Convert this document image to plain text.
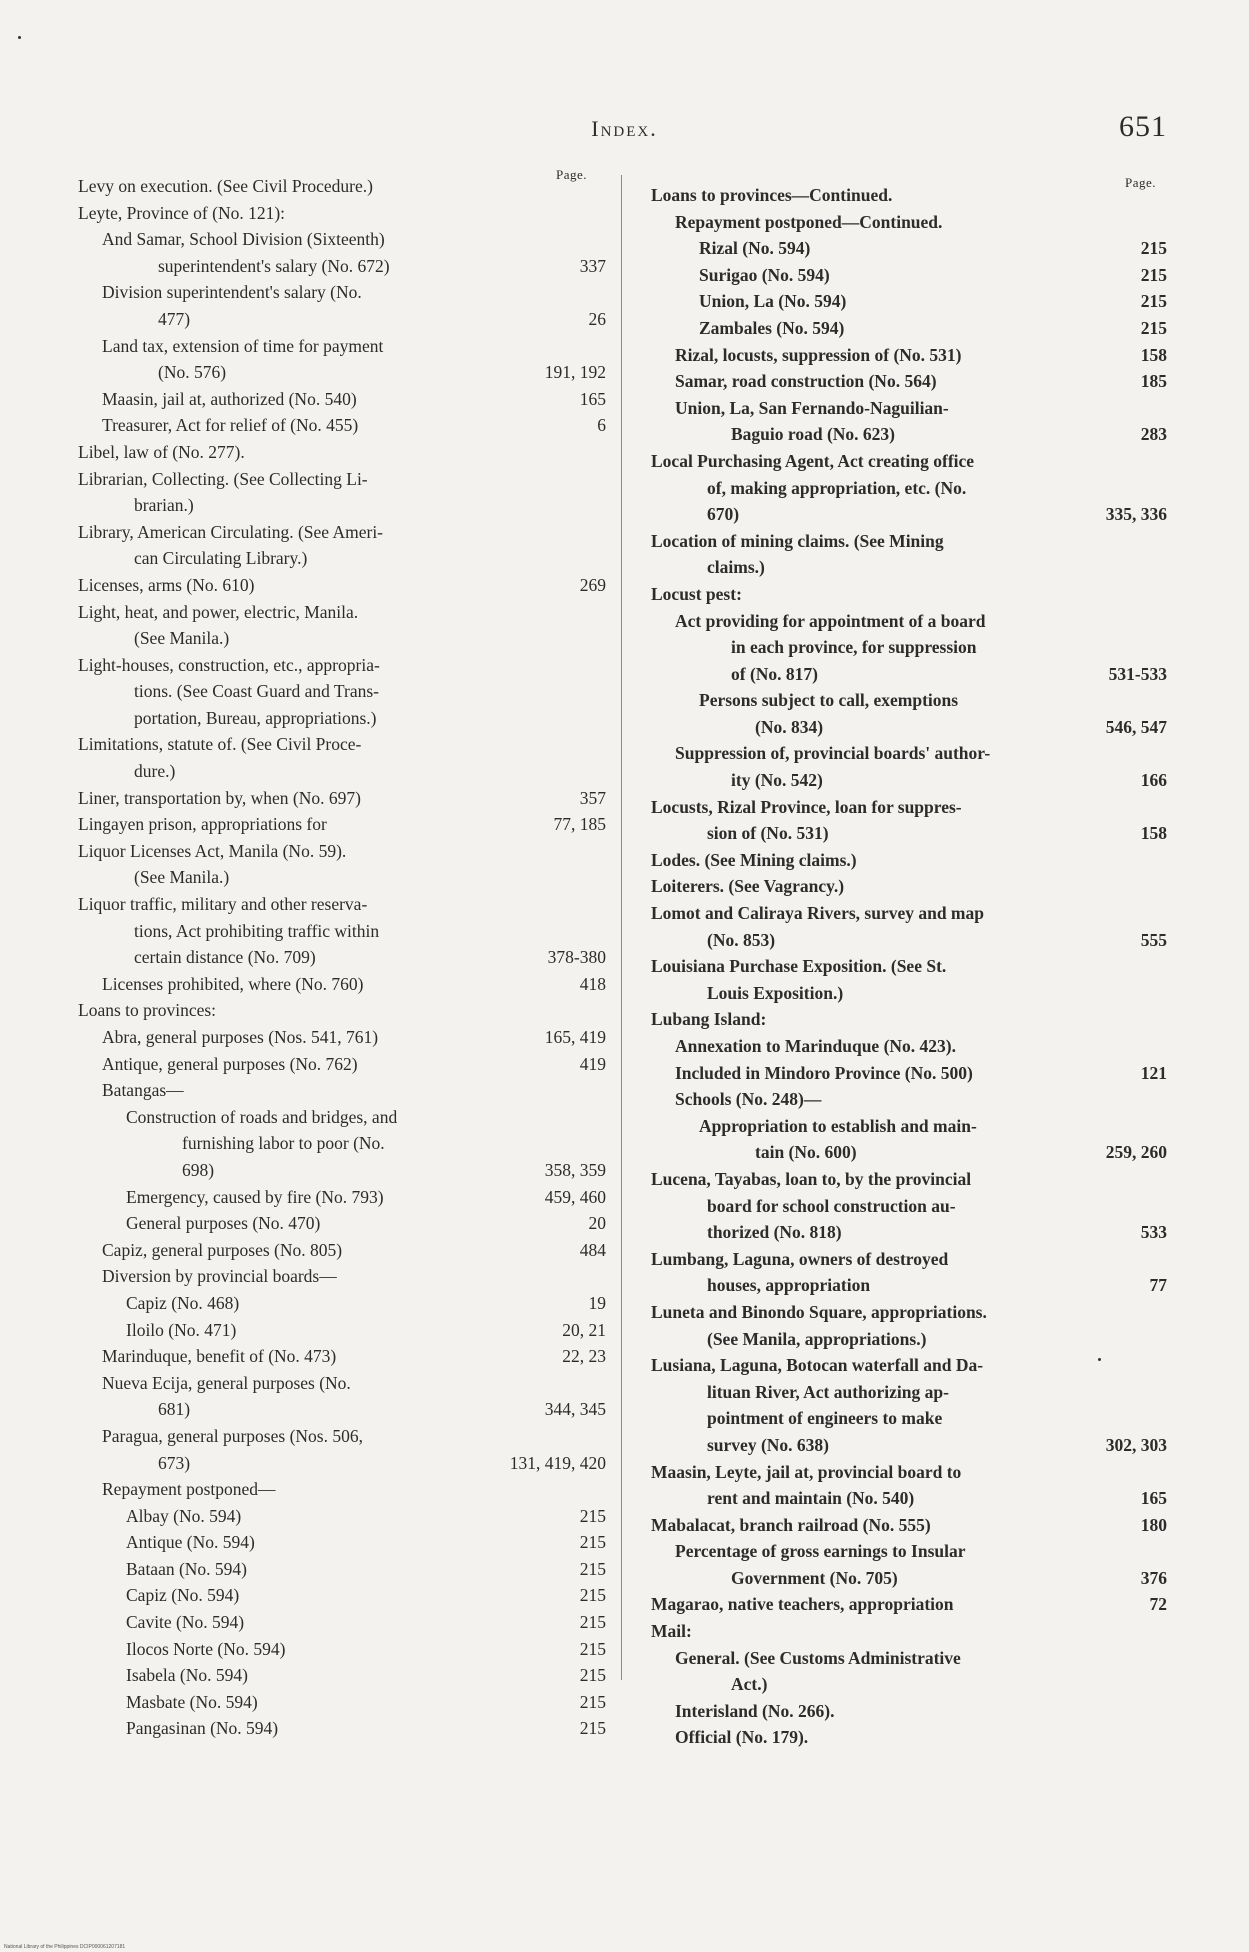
Index.	651
Page.
Page.
Levy on execution. (See Civil Procedure.)
Leyte, Province of (No. 121):
And Samar, School Division (Sixteenth)
superintendent's salary (No. 672)	337
Division superintendent's salary (No.
477)	26
Land tax, extension of time for payment
(No. 576)	191, 192
Maasin, jail at, authorized (No. 540)	165
Treasurer, Act for relief of (No. 455)	6
Libel, law of (No. 277).
Librarian, Collecting. (See Collecting Li-
brarian.)
Library, American Circulating. (See Ameri-
can Circulating Library.)
Licenses, arms (No. 610)	269
Light, heat, and power, electric, Manila.
(See Manila.)
Light-houses, construction, etc., appropria-
tions. (See Coast Guard and Trans-
portation, Bureau, appropriations.)
Limitations, statute of. (See Civil Proce-
dure.)
Liner, transportation by, when (No. 697)	357
Lingayen prison, appropriations for	77, 185
Liquor Licenses Act, Manila (No. 59).
(See Manila.)
Liquor traffic, military and other reserva-
tions, Act prohibiting traffic within
certain distance (No. 709)	378-380
Licenses prohibited, where (No. 760)	418
Loans to provinces:
Abra, general purposes (Nos. 541, 761)	165, 419
Antique, general purposes (No. 762)	419
Batangas—
Construction of roads and bridges, and
furnishing labor to poor (No.
698)	358, 359
Emergency, caused by fire (No. 793)	459, 460
General purposes (No. 470)	20
Capiz, general purposes (No. 805)	484
Diversion by provincial boards—
Capiz (No. 468)	19
Iloilo (No. 471)	20, 21
Marinduque, benefit of (No. 473)	22, 23
Nueva Ecija, general purposes (No.
681)	344, 345
Paragua, general purposes (Nos. 506,
673)	131, 419, 420
Repayment postponed—
Albay (No. 594)	215
Antique (No. 594)	215
Bataan (No. 594)	215
Capiz (No. 594)	215
Cavite (No. 594)	215
Ilocos Norte (No. 594)	215
Isabela (No. 594)	215
Masbate (No. 594)	215
Pangasinan (No. 594)	215
Loans to provinces—Continued.
Repayment postponed—Continued.
Rizal (No. 594)	215
Surigao (No. 594)	215
Union, La (No. 594)	215
Zambales (No. 594)	215
Rizal, locusts, suppression of (No. 531)	158
Samar, road construction (No. 564)	185
Union, La, San Fernando-Naguilian-
Baguio road (No. 623)	283
Local Purchasing Agent, Act creating office
of, making appropriation, etc. (No.
670)	335, 336
Location of mining claims. (See Mining
claims.)
Locust pest:
Act providing for appointment of a board
in each province, for suppression
of (No. 817)	531-533
Persons subject to call, exemptions
(No. 834)	546, 547
Suppression of, provincial boards' author-
ity (No. 542)	166
Locusts, Rizal Province, loan for suppres-
sion of (No. 531)	158
Lodes. (See Mining claims.)
Loiterers. (See Vagrancy.)
Lomot and Caliraya Rivers, survey and map
(No. 853)	555
Louisiana Purchase Exposition. (See St.
Louis Exposition.)
Lubang Island:
Annexation to Marinduque (No. 423).
Included in Mindoro Province (No. 500)	121
Schools (No. 248)—
Appropriation to establish and main-
tain (No. 600)	259, 260
Lucena, Tayabas, loan to, by the provincial
board for school construction au-
thorized (No. 818)	533
Lumbang, Laguna, owners of destroyed
houses, appropriation	77
Luneta and Binondo Square, appropriations.
(See Manila, appropriations.)
Lusiana, Laguna, Botocan waterfall and Da-
lituan River, Act authorizing ap-
pointment of engineers to make
survey (No. 638)	302, 303
Maasin, Leyte, jail at, provincial board to
rent and maintain (No. 540)	165
Mabalacat, branch railroad (No. 555)	180
Percentage of gross earnings to Insular
Government (No. 705)	376
Magarao, native teachers, appropriation	72
Mail:
General. (See Customs Administrative
Act.)
Interisland (No. 266).
Official (No. 179).
National Library of the Philippines DCIP000061207181
